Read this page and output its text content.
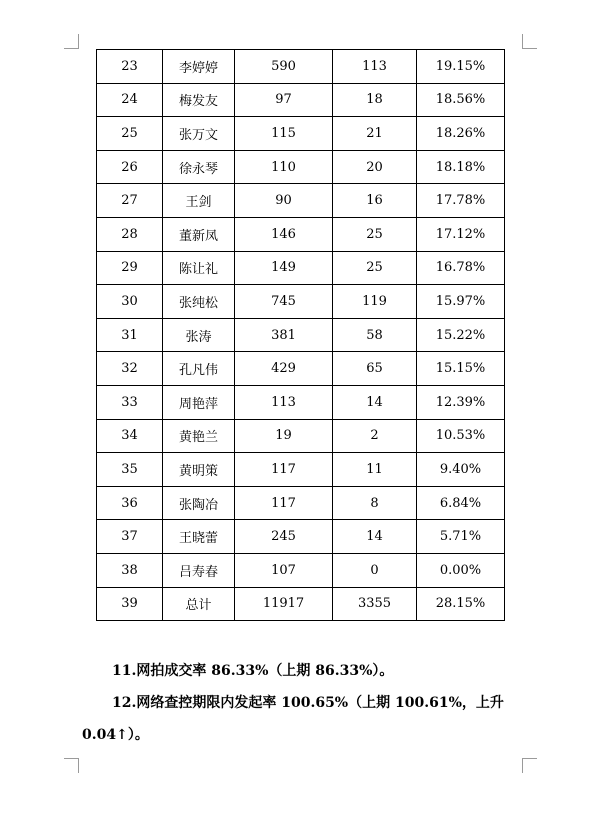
23	李婷婷	590	113	19.15%
24	梅发友	97	18	18.56%
25	张万文	115	21	18.26%
26	徐永琴	110	20	18.18%
27	王剑	90	16	17.78%
28	董新凤	146	25	17.12%
29	陈让礼	149	25	16.78%
30	张纯松	745	119	15.97%
31	张涛	381	58	15.22%
32	孔凡伟	429	65	15.15%
33	周艳萍	113	14	12.39%
34	黄艳兰	19	2	10.53%
35	黄明策	117	11	9.40%
36	张陶冶	117	8	6.84%
37	王晓蕾	245	14	5.71%
38	吕寿春	107	0	0.00%
39	总计	11917	3355	28.15%
11.网拍成交率 86.33%（上期 86.33%）。
12.网络查控期限内发起率 100.65%（上期 100.61%，上升
0.04↑）。
